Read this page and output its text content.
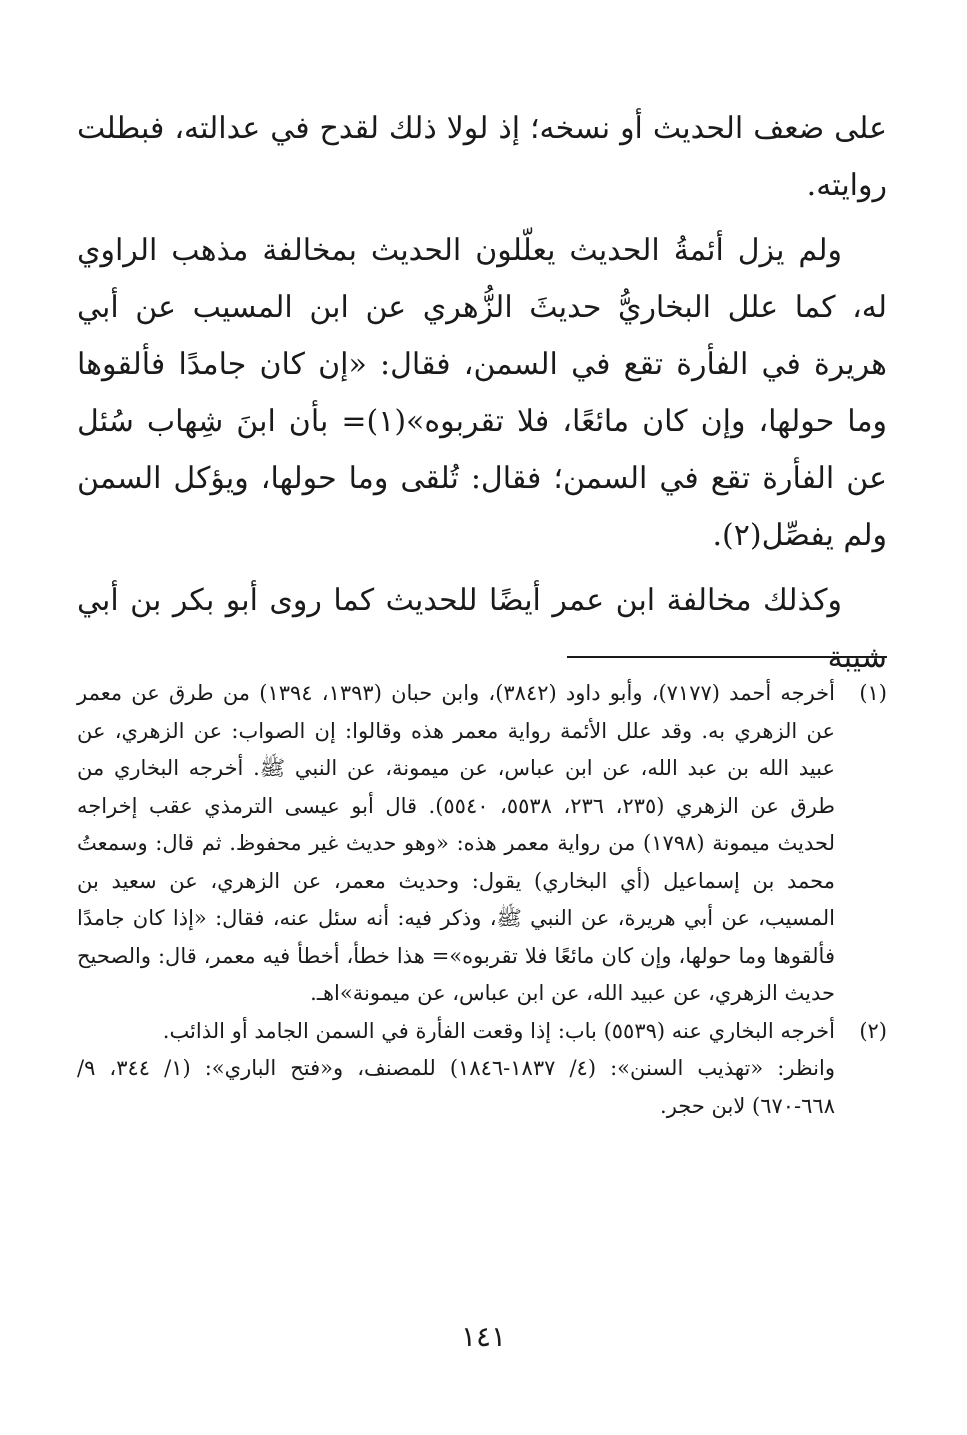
على ضعف الحديث أو نسخه؛ إذ لولا ذلك لقدح في عدالته، فبطلت روايته.

ولم يزل أئمةُ الحديث يعلّلون الحديث بمخالفة مذهب الراوي له، كما علل البخاريُّ حديثَ الزُّهري عن ابن المسيب عن أبي هريرة في الفأرة تقع في السمن، فقال: «إن كان جامدًا فألقوها وما حولها، وإن كان مائعًا، فلا تقربوه»(١)= بأن ابنَ شِهاب سُئل عن الفأرة تقع في السمن؛ فقال: تُلقى وما حولها، ويؤكل السمن ولم يفصِّل(٢).

وكذلك مخالفة ابن عمر أيضًا للحديث كما روى أبو بكر بن أبي شيبة

(١)

أخرجه أحمد (٧١٧٧)، وأبو داود (٣٨٤٢)، وابن حبان (١٣٩٣، ١٣٩٤) من طرق عن معمر عن الزهري به. وقد علل الأئمة رواية معمر هذه وقالوا: إن الصواب: عن الزهري، عن عبيد الله بن عبد الله، عن ابن عباس، عن ميمونة، عن النبي ﷺ. أخرجه البخاري من طرق عن الزهري (٢٣٥، ٢٣٦، ٥٥٣٨، ٥٥٤٠). قال أبو عيسى الترمذي عقب إخراجه لحديث ميمونة (١٧٩٨) من رواية معمر هذه: «وهو حديث غير محفوظ. ثم قال: وسمعتُ محمد بن إسماعيل (أي البخاري) يقول: وحديث معمر، عن الزهري، عن سعيد بن المسيب، عن أبي هريرة، عن النبي ﷺ، وذكر فيه: أنه سئل عنه، فقال: «إذا كان جامدًا فألقوها وما حولها، وإن كان مائعًا فلا تقربوه»= هذا خطأ، أخطأ فيه معمر، قال: والصحيح حديث الزهري، عن عبيد الله، عن ابن عباس، عن ميمونة»اهـ.

(٢)

أخرجه البخاري عنه (٥٥٣٩) باب: إذا وقعت الفأرة في السمن الجامد أو الذائب.

وانظر: «تهذيب السنن»: (٤/ ١٨٣٧-١٨٤٦) للمصنف، و«فتح الباري»: (١/ ٣٤٤، ٩/ ٦٦٨-٦٧٠) لابن حجر.

١٤١
